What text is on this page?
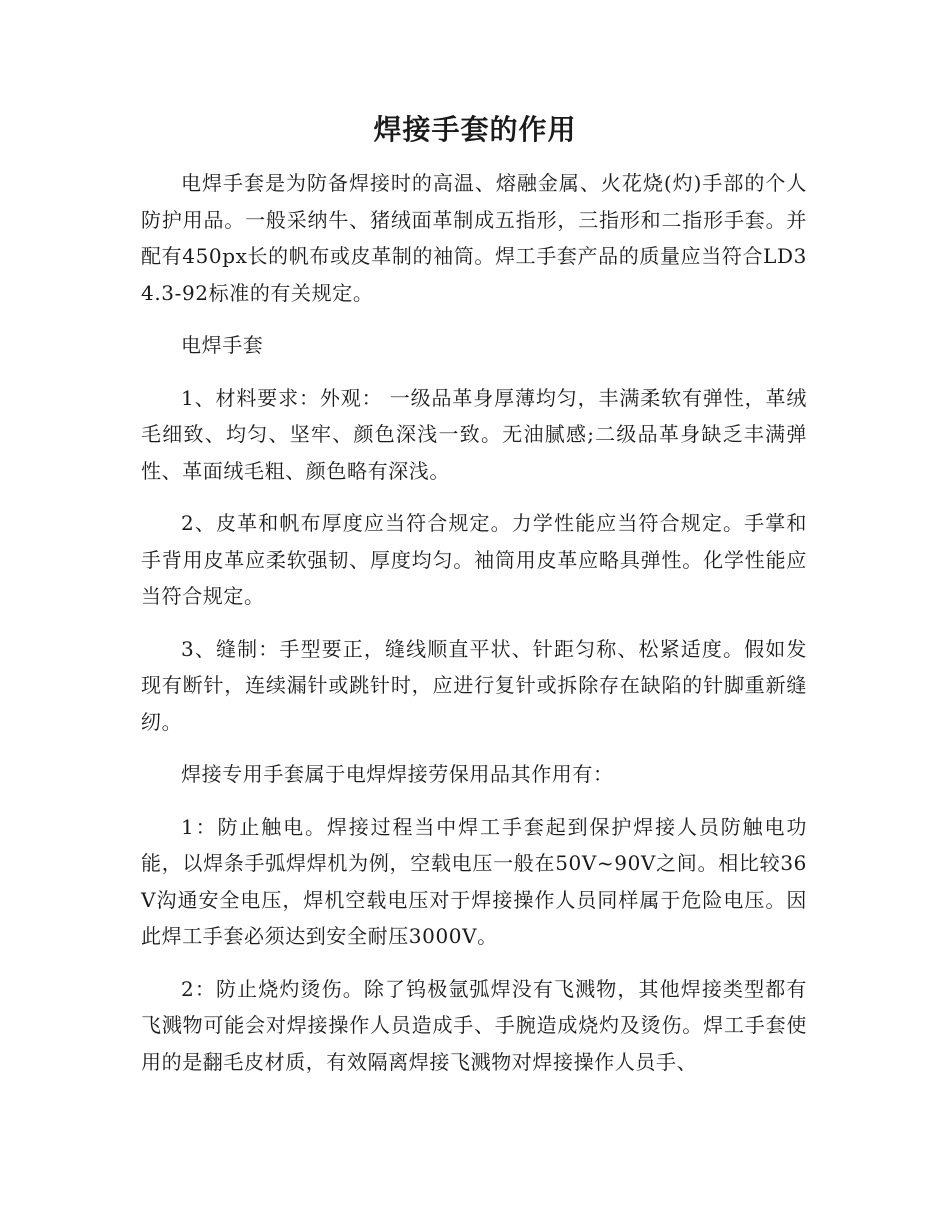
焊接手套的作用

电焊手套是为防备焊接时的高温、熔融金属、火花烧(灼)手部的个人防护用品。一般采纳牛、猪绒面革制成五指形，三指形和二指形手套。并配有450px长的帆布或皮革制的袖筒。焊工手套产品的质量应当符合LD34.3-92标准的有关规定。

电焊手套

1、材料要求：外观： 一级品革身厚薄均匀，丰满柔软有弹性，革绒毛细致、均匀、坚牢、颜色深浅一致。无油腻感;二级品革身缺乏丰满弹性、革面绒毛粗、颜色略有深浅。

2、皮革和帆布厚度应当符合规定。力学性能应当符合规定。手掌和手背用皮革应柔软强韧、厚度均匀。袖筒用皮革应略具弹性。化学性能应当符合规定。

3、缝制：手型要正，缝线顺直平状、针距匀称、松紧适度。假如发现有断针，连续漏针或跳针时，应进行复针或拆除存在缺陷的针脚重新缝纫。

焊接专用手套属于电焊焊接劳保用品其作用有：

1：防止触电。焊接过程当中焊工手套起到保护焊接人员防触电功能，以焊条手弧焊焊机为例，空载电压一般在50V~90V之间。相比较36V沟通安全电压，焊机空载电压对于焊接操作人员同样属于危险电压。因此焊工手套必须达到安全耐压3000V。

2：防止烧灼烫伤。除了钨极氩弧焊没有飞溅物，其他焊接类型都有飞溅物可能会对焊接操作人员造成手、手腕造成烧灼及烫伤。焊工手套使用的是翻毛皮材质，有效隔离焊接飞溅物对焊接操作人员手、
